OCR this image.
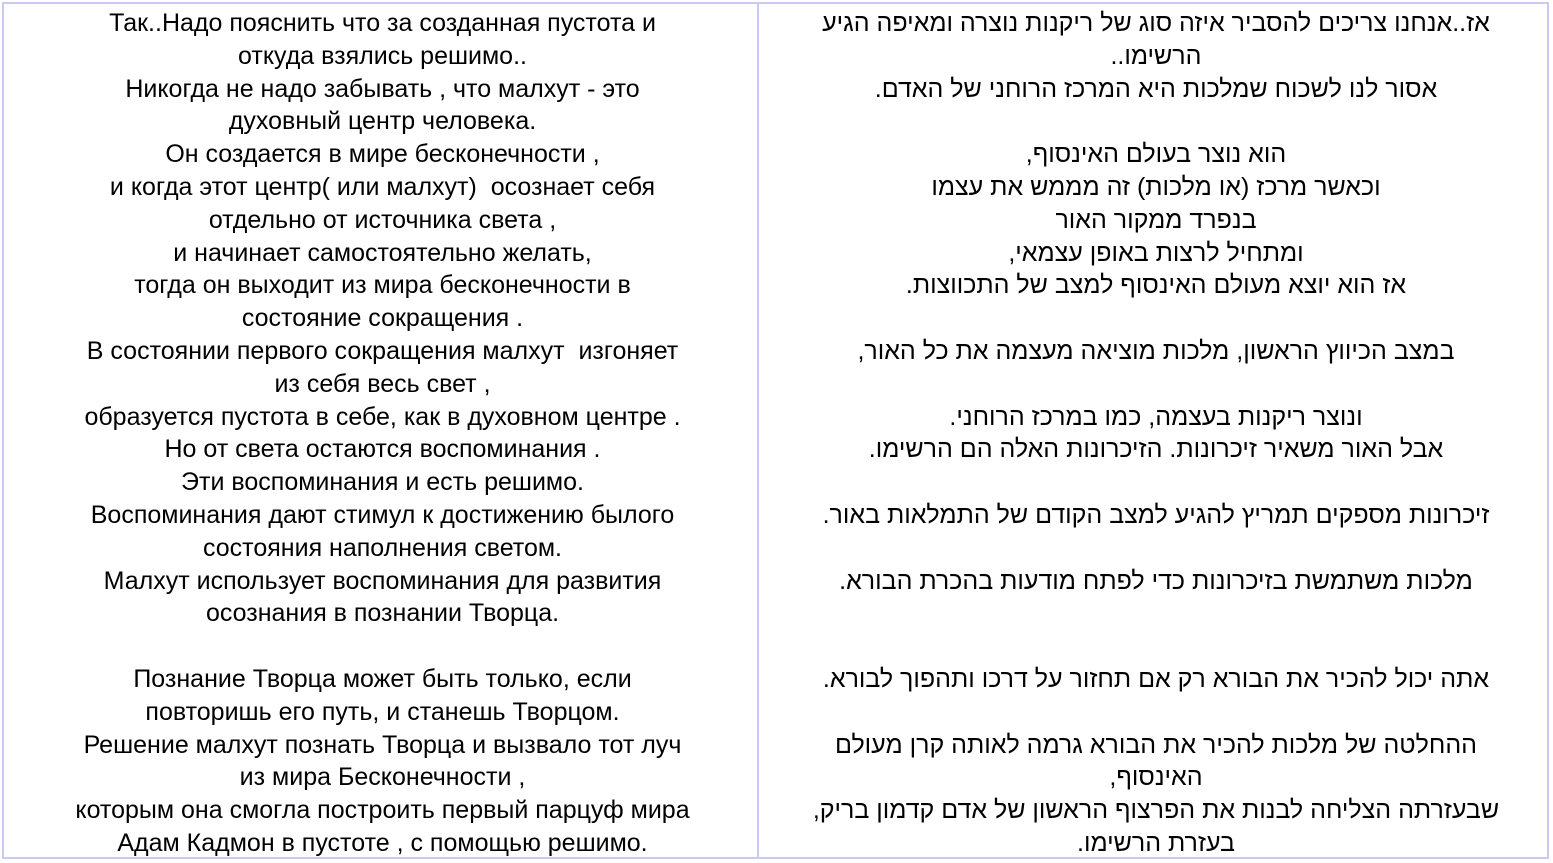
Так..Надо пояснить что за созданная пустота и
откуда взялись решимо..
Никогда не надо забывать , что малхут - это
духовный центр человека.
Он создается в мире бесконечности ,
и когда этот центр( или малхут)  осознает себя
отдельно от источника света ,
и начинает самостоятельно желать,
тогда он выходит из мира бесконечности в
состояние сокращения .
В состоянии первого сокращения малхут  изгоняет
из себя весь свет ,
образуется пустота в себе, как в духовном центре .
Но от света остаются воспоминания .
Эти воспоминания и есть решимо.
Воспоминания дают стимул к достижению былого
состояния наполнения светом.
Малхут использует воспоминания для развития
осознания в познании Творца.

Познание Творца может быть только, если
повторишь его путь, и станешь Творцом.
Решение малхут познать Творца и вызвало тот луч
из мира Бесконечности ,
которым она смогла построить первый парцуф мира
Адам Кадмон в пустоте , с помощью решимо.
אז..אנחנו צריכים להסביר איזה סוג של ריקנות נוצרה ומאיפה הגיע
הרשימו..
אסור לנו לשכוח שמלכות היא המרכז הרוחני של האדם.

הוא נוצר בעולם האינסוף,
וכאשר מרכז (או מלכות) זה מממש את עצמו
בנפרד ממקור האור
ומתחיל לרצות באופן עצמאי,
אז הוא יוצא מעולם האינסוף למצב של התכווצות.

במצב הכיווץ הראשון, מלכות מוציאה מעצמה את כל האור,

ונוצר ריקנות בעצמה, כמו במרכז הרוחני.
אבל האור משאיר זיכרונות. הזיכרונות האלה הם הרשימו.

זיכרונות מספקים תמריץ להגיע למצב הקודם של התמלאות באור.

מלכות משתמשת בזיכרונות כדי לפתח מודעות בהכרת הבורא.

אתה יכול להכיר את הבורא רק אם תחזור על דרכו ותהפוך לבורא.

ההחלטה של מלכות להכיר את הבורא גרמה לאותה קרן מעולם
האינסוף,
שבעזרתה הצליחה לבנות את הפרצוף הראשון של אדם קדמון בריק,
בעזרת הרשימו.
